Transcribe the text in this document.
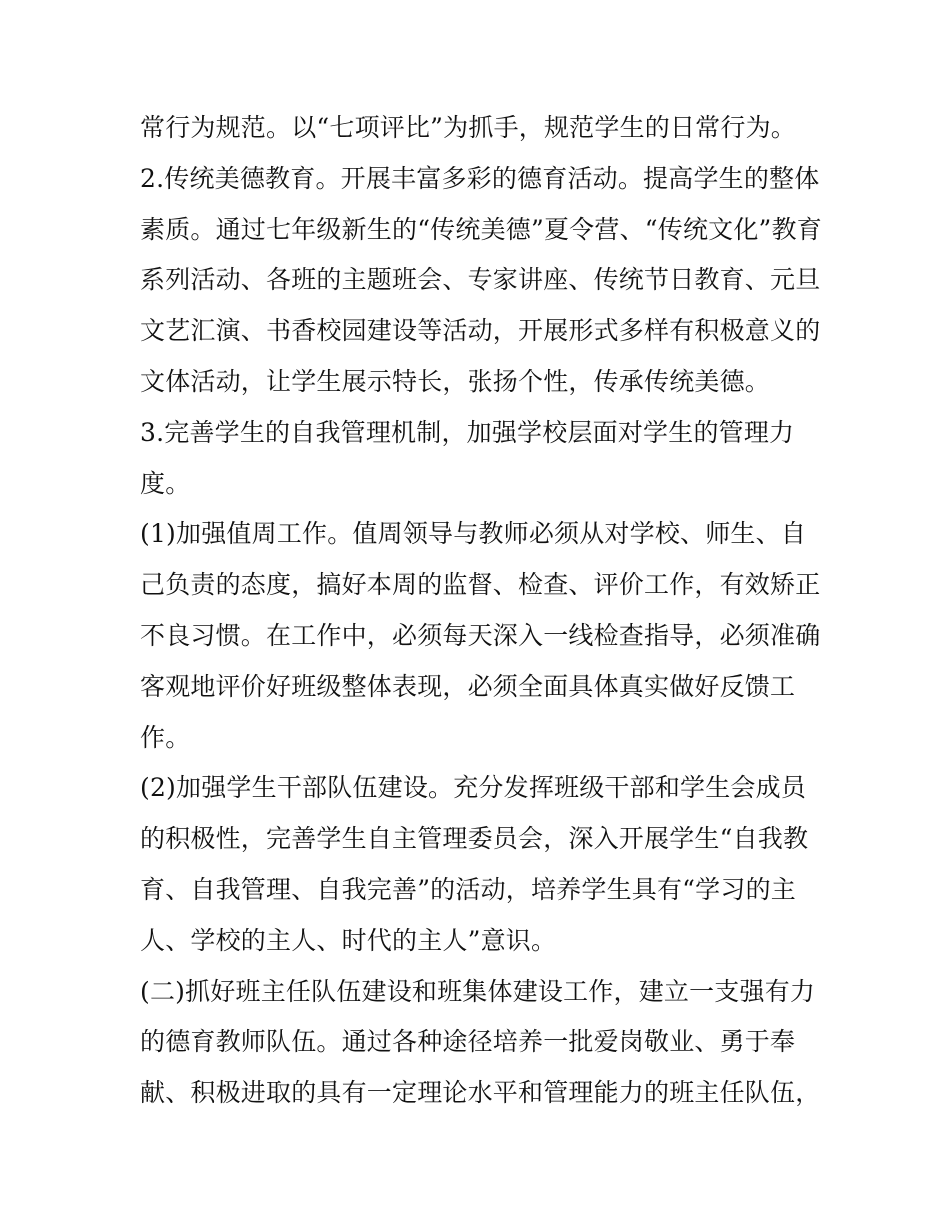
常行为规范。以“七项评比”为抓手，规范学生的日常行为。
2.传统美德教育。开展丰富多彩的德育活动。提高学生的整体
素质。通过七年级新生的“传统美德”夏令营、“传统文化”教育
系列活动、各班的主题班会、专家讲座、传统节日教育、元旦
文艺汇演、书香校园建设等活动，开展形式多样有积极意义的
文体活动，让学生展示特长，张扬个性，传承传统美德。
3.完善学生的自我管理机制，加强学校层面对学生的管理力
度。
(1)加强值周工作。值周领导与教师必须从对学校、师生、自
己负责的态度，搞好本周的监督、检查、评价工作，有效矫正
不良习惯。在工作中，必须每天深入一线检查指导，必须准确
客观地评价好班级整体表现，必须全面具体真实做好反馈工
作。
(2)加强学生干部队伍建设。充分发挥班级干部和学生会成员
的积极性，完善学生自主管理委员会，深入开展学生“自我教
育、自我管理、自我完善”的活动，培养学生具有“学习的主
人、学校的主人、时代的主人”意识。
(二)抓好班主任队伍建设和班集体建设工作，建立一支强有力
的德育教师队伍。通过各种途径培养一批爱岗敬业、勇于奉
献、积极进取的具有一定理论水平和管理能力的班主任队伍，
